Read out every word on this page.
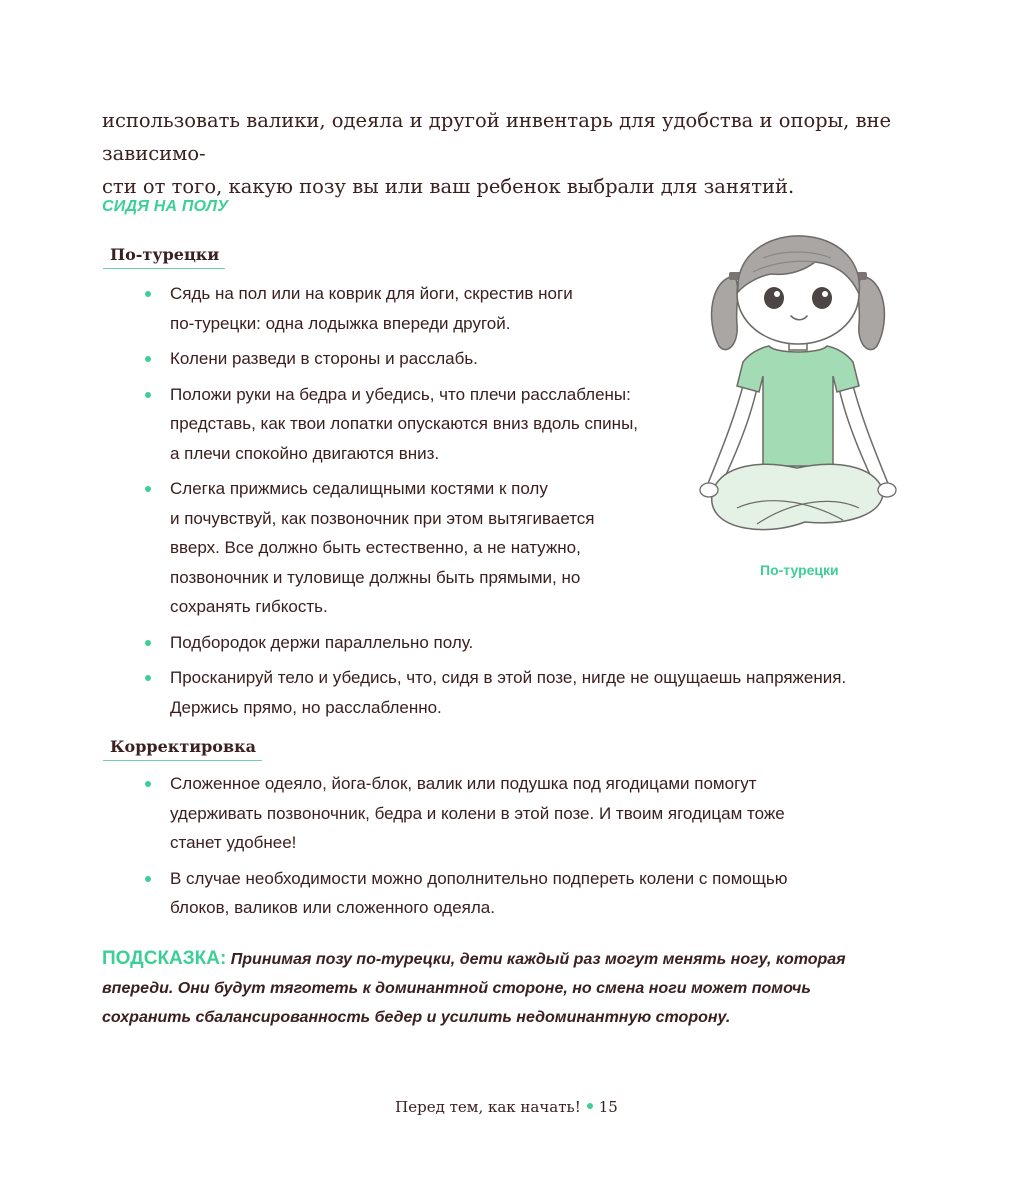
использовать валики, одеяла и другой инвентарь для удобства и опоры, вне зависимо-

сти от того, какую позу вы или ваш ребенок выбрали для занятий.

СИДЯ НА ПОЛУ
По-турецки
Сядь на пол или на коврик для йоги, скрестив ноги
по-турецки: одна лодыжка впереди другой.
Колени разведи в стороны и расслабь.
Положи руки на бедра и убедись, что плечи расслаблены:
представь, как твои лопатки опускаются вниз вдоль спины,
а плечи спокойно двигаются вниз.
Слегка прижмись седалищными костями к полу
и почувствуй, как позвоночник при этом вытягивается
вверх. Все должно быть естественно, а не натужно,
позвоночник и туловище должны быть прямыми, но
сохранять гибкость.
Подбородок держи параллельно полу.
Просканируй тело и убедись, что, сидя в этой позе, нигде не ощущаешь напряжения.
Держись прямо, но расслабленно.

По-турецки

Корректировка
Сложенное одеяло, йога-блок, валик или подушка под ягодицами помогут
удерживать позвоночник, бедра и колени в этой позе. И твоим ягодицам тоже
станет удобнее!
В случае необходимости можно дополнительно подпереть колени с помощью
блоков, валиков или сложенного одеяла.

ПОДСКАЗКА: Принимая позу по-турецки, дети каждый раз могут менять ногу, которая впереди. Они будут тяготеть к доминантной стороне, но смена ноги может помочь сохранить сбалансированность бедер и усилить недоминантную сторону.

Перед тем, как начать! 15
